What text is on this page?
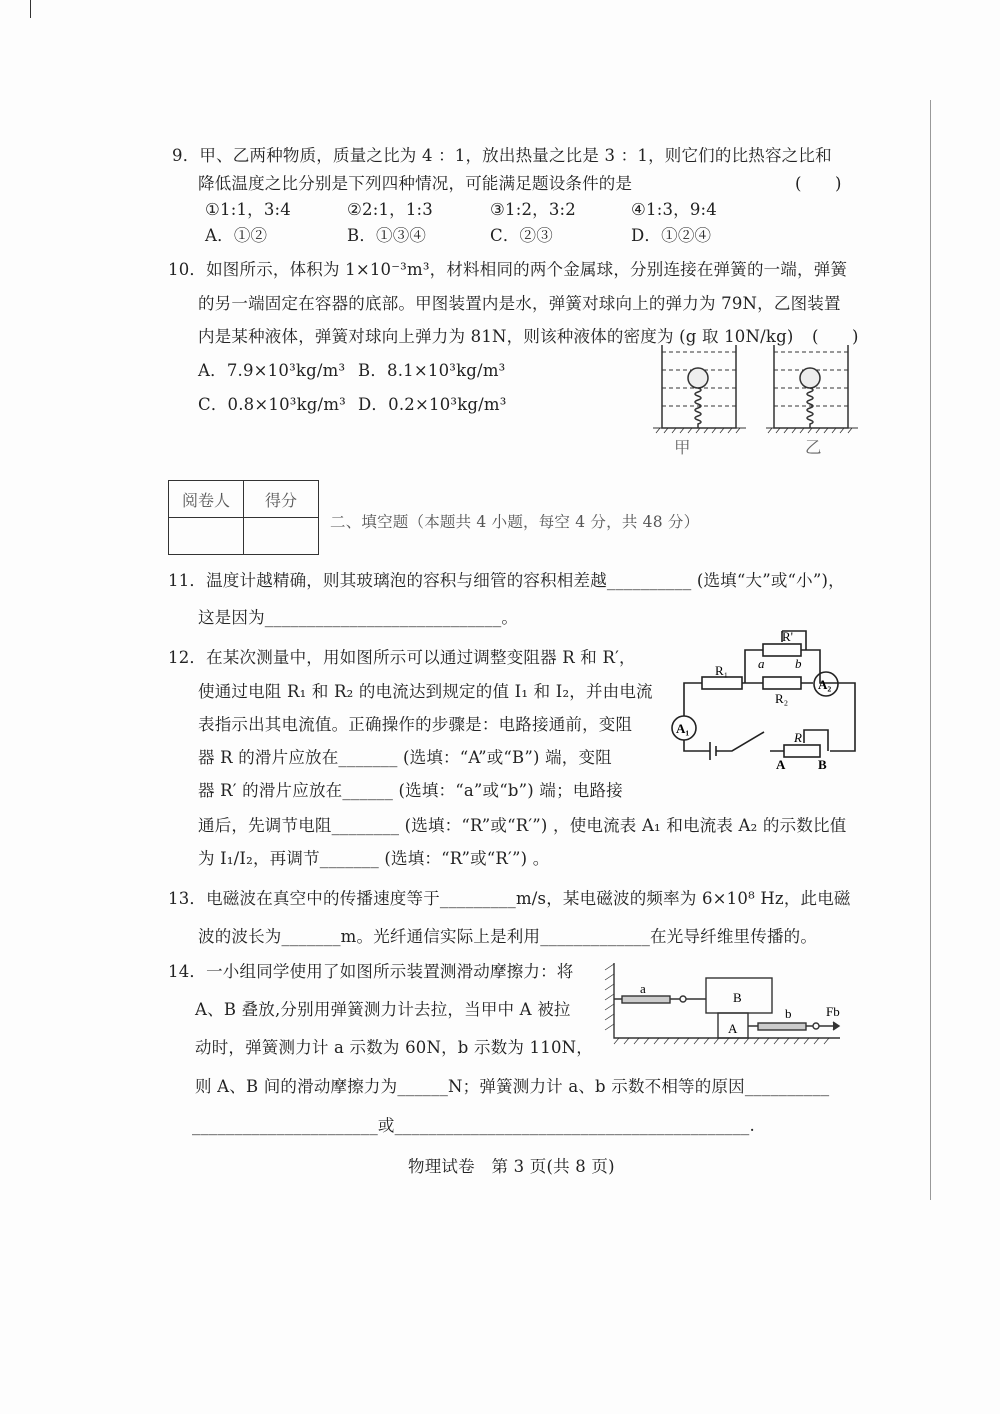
9．甲、乙两种物质，质量之比为 4 ：1，放出热量之比是 3 ：1，则它们的比热容之比和
降低温度之比分别是下列四种情况，可能满足题设条件的是	(　　)
①1:1，3:4	②2:1，1:3	③1:2，3:2	④1:3，9:4
A．①②	B．①③④	C．②③	D．①②④
10．如图所示，体积为 1×10⁻³m³，材料相同的两个金属球，分别连接在弹簧的一端，弹簧
的另一端固定在容器的底部。甲图装置内是水，弹簧对球向上的弹力为 79N，乙图装置
内是某种液体，弹簧对球向上弹力为 81N，则该种液体的密度为 (g 取 10N/kg) (　　)
A．7.9×10³kg/m³ B．8.1×10³kg/m³
C．0.8×10³kg/m³ D．0.2×10³kg/m³
甲	乙
阅卷人	得分

二、填空题（本题共 4 小题，每空 4 分，共 48 分）
11．温度计越精确，则其玻璃泡的容积与细管的容积相差越__________ (选填“大”或“小”)，
这是因为____________________________。
12．在某次测量中，用如图所示可以通过调整变阻器 R 和 R′，
使通过电阻 R₁ 和 R₂ 的电流达到规定的值 I₁ 和 I₂，并由电流
表指示出其电流值。正确操作的步骤是：电路接通前，变阻
器 R 的滑片应放在_______ (选填：“A”或“B”) 端，变阻
器 R′ 的滑片应放在______ (选填：“a”或“b”) 端；电路接
通后，先调节电阻________ (选填：“R”或“R′”) ，使电流表 A₁ 和电流表 A₂ 的示数比值
为 I₁/I₂，再调节_______ (选填：“R”或“R′”) 。
R'
a b
R₁
R₂
A₂
A₁
R
A	B
13．电磁波在真空中的传播速度等于_________m/s，某电磁波的频率为 6×10⁸ Hz，此电磁
波的波长为_______m。光纤通信实际上是利用_____________在光导纤维里传播的。
14．一小组同学使用了如图所示装置测滑动摩擦力：将
A、B 叠放,分别用弹簧测力计去拉，当甲中 A 被拉
动时，弹簧测力计 a 示数为 60N，b 示数为 110N，
则 A、B 间的滑动摩擦力为______N；弹簧测力计 a、b 示数不相等的原因__________
______________________或__________________________________________.
a
B
A
b	Fb
物理试卷　第 3 页(共 8 页)
